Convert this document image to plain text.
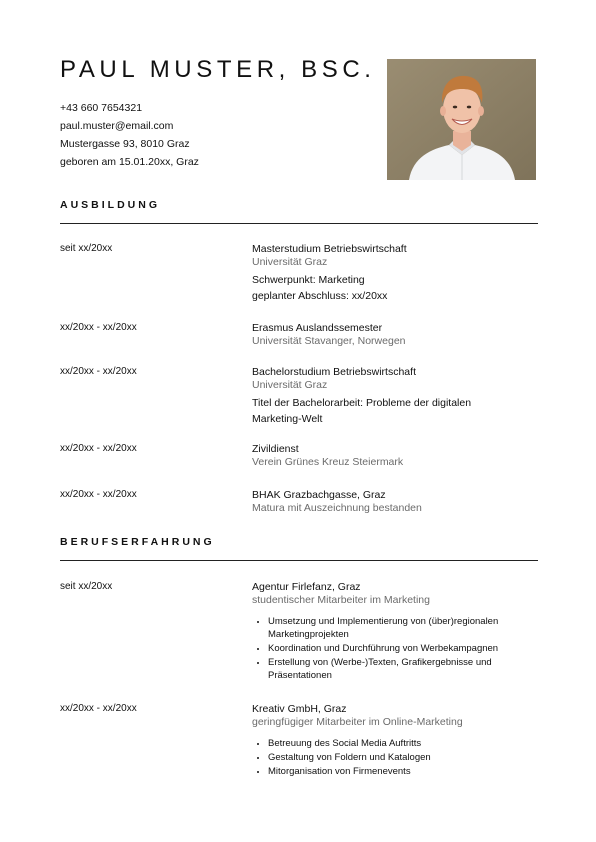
PAUL MUSTER, BSC.
+43 660 7654321
paul.muster@email.com
Mustergasse 93, 8010 Graz
geboren am 15.01.20xx, Graz
AUSBILDUNG
seit xx/20xx	Masterstudium Betriebswirtschaft
Universität Graz
Schwerpunkt: Marketing
geplanter Abschluss: xx/20xx
xx/20xx - xx/20xx	Erasmus Auslandssemester
Universität Stavanger, Norwegen
xx/20xx - xx/20xx	Bachelorstudium Betriebswirtschaft
Universität Graz
Titel der Bachelorarbeit: Probleme der digitalen
Marketing-Welt
xx/20xx - xx/20xx	Zivildienst
Verein Grünes Kreuz Steiermark
xx/20xx - xx/20xx	BHAK Grazbachgasse, Graz
Matura mit Auszeichnung bestanden
BERUFSERFAHRUNG
seit xx/20xx	Agentur Firlefanz, Graz
studentischer Mitarbeiter im Marketing
• Umsetzung und Implementierung von (über)regionalen Marketingprojekten
• Koordination und Durchführung von Werbekampagnen
• Erstellung von (Werbe-)Texten, Grafikergebnisse und Präsentationen
xx/20xx - xx/20xx	Kreativ GmbH, Graz
geringfügiger Mitarbeiter im Online-Marketing
• Betreuung des Social Media Auftritts
• Gestaltung von Foldern und Katalogen
• Mitorganisation von Firmenevents
